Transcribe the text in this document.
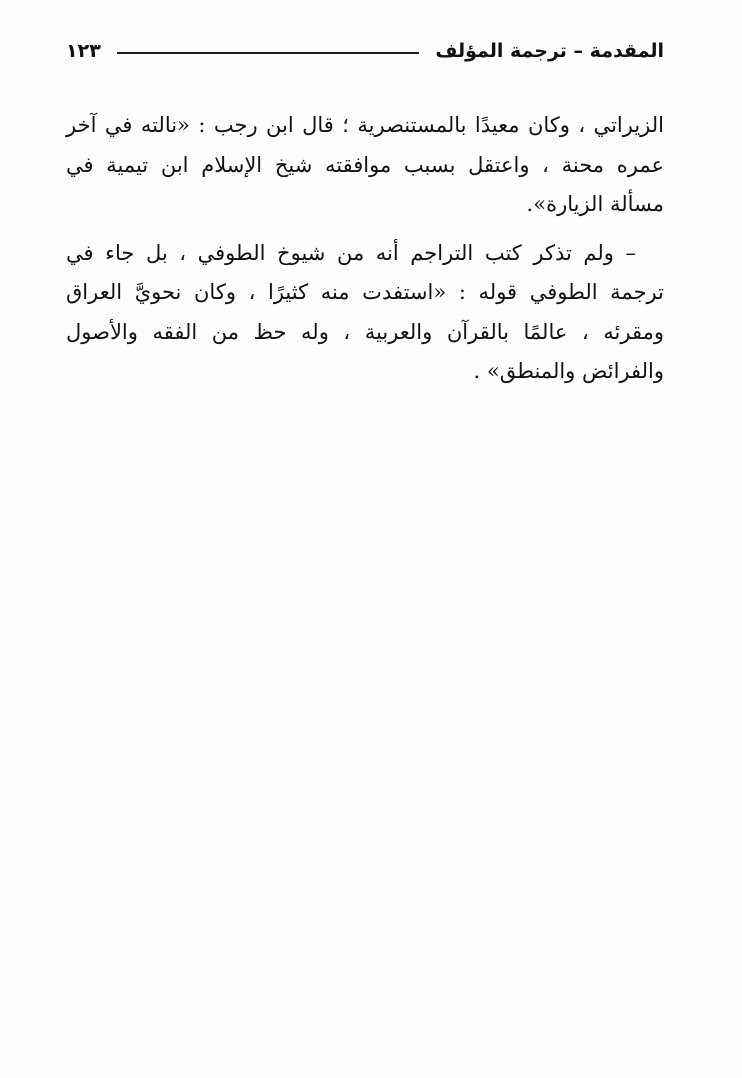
المقدمة – ترجمة المؤلف
١٢٣

الزيراتي ، وكان معيدًا بالمستنصرية ؛ قال ابن رجب : «نالته في آخر عمره محنة ، واعتقل بسبب موافقته شيخ الإسلام ابن تيمية في مسألة الزيارة».

– ولم تذكر كتب التراجم أنه من شيوخ الطوفي ، بل جاء في ترجمة الطوفي قوله : «استفدت منه كثيرًا ، وكان نحويَّ العراق ومقرئه ، عالمًا بالقرآن والعربية ، وله حظ من الفقه والأصول والفرائض والمنطق» .
